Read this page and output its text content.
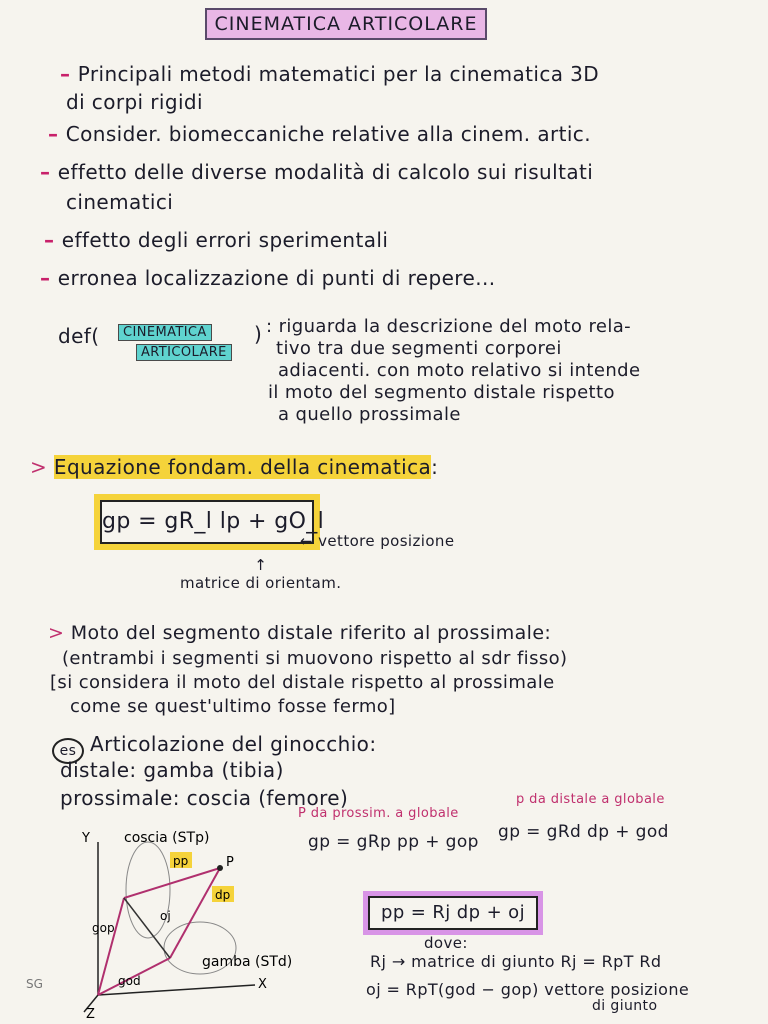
CINEMATICA ARTICOLARE
– Principali metodi matematici per la cinematica 3D
di corpi rigidi
– Consider. biomeccaniche relative alla cinem. artic.
– effetto delle diverse modalità di calcolo sui risultati
cinematici
– effetto degli errori sperimentali
– erronea localizzazione di punti di repere...
def(	CINEMATICA
ARTICOLARE
) : riguarda la descrizione del moto rela-
tivo tra due segmenti corporei
adiacenti. con moto relativo si intende
il moto del segmento distale rispetto
a quello prossimale
> Equazione fondam. della cinematica:
gp = gR_l lp + gO_l
← vettore posizione
↑
matrice di orientam.
> Moto del segmento distale riferito al prossimale:
(entrambi i segmenti si muovono rispetto al sdr fisso)
[si considera il moto del distale rispetto al prossimale
come se quest'ultimo fosse fermo]
es Articolazione del ginocchio:
distale: gamba (tibia)
prossimale: coscia (femore)
Y
X
Z
SG
coscia (STp)
gamba (STd)
pp
dp
P
oj
gop
god
P da prossim. a globale
p da distale a globale
gp = gRp pp + gop gp = gRd dp + god
pp = Rj dp + oj
dove:
Rj → matrice di giunto Rj = RpT Rd
oj = RpT(god − gop) vettore posizione
di giunto
